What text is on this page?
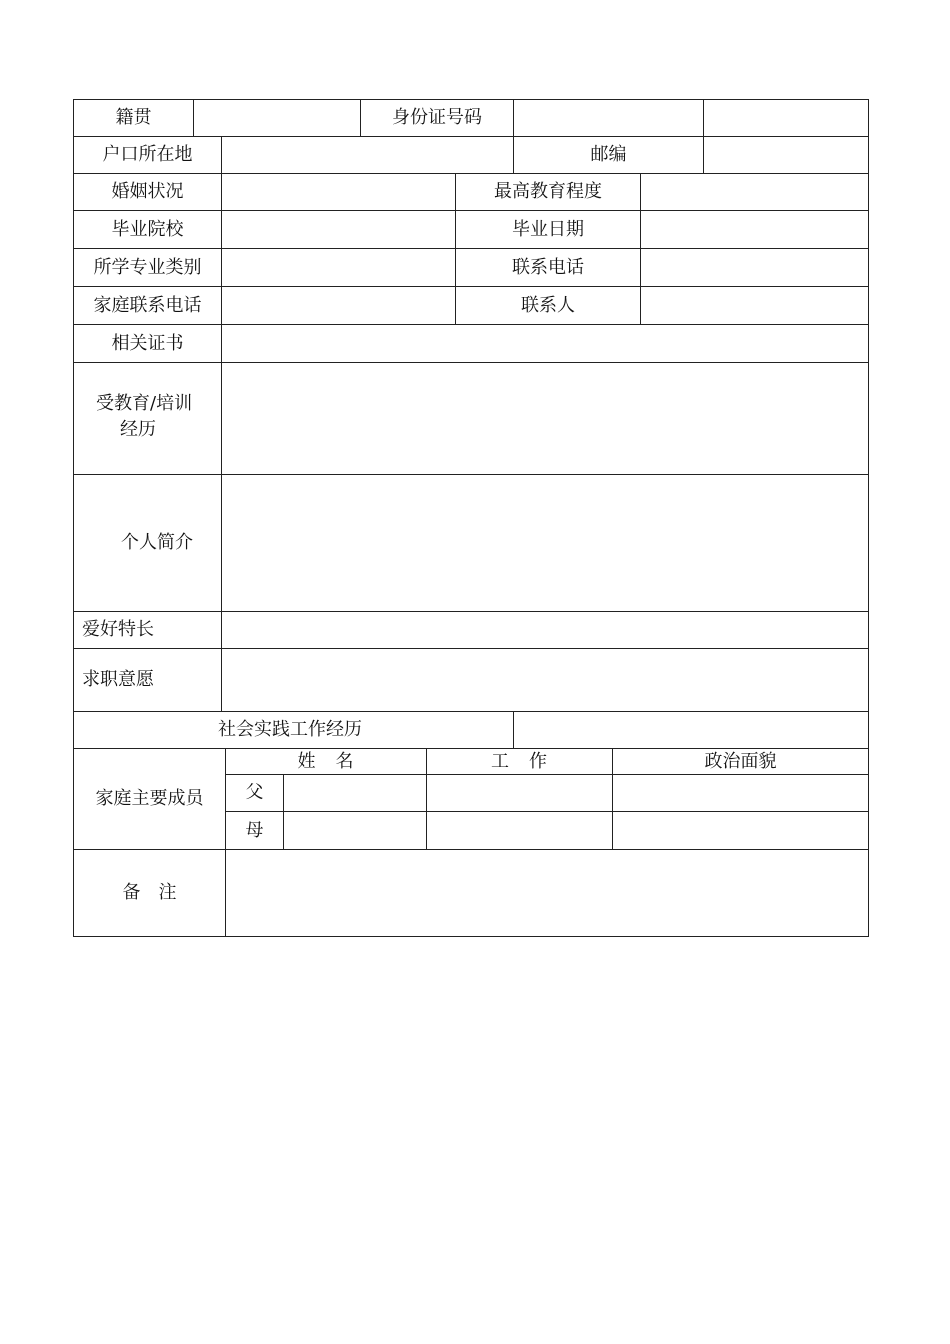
籍贯	身份证号码
户口所在地	邮编
婚姻状况	最高教育程度
毕业院校	毕业日期
所学专业类别	联系电话
家庭联系电话	联系人
相关证书
受教育/培训
经历
个人简介
爱好特长
求职意愿
社会实践工作经历
家庭主要成员
姓　名	工　作	政治面貌
父
母
备　注
